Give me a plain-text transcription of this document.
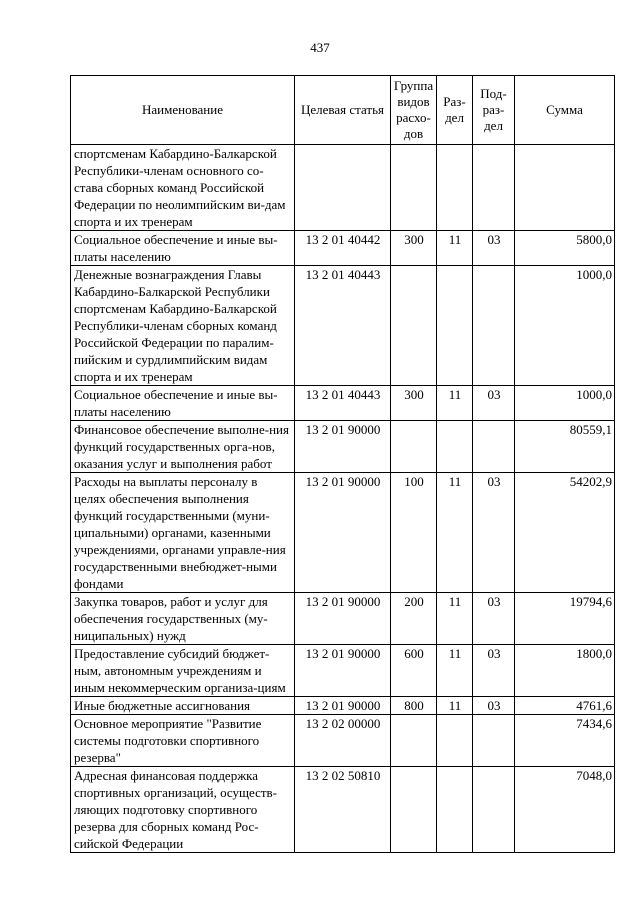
437
Наименование	Целевая статья	Группа видов расхо-дов	Раз-дел	Под-раз-дел	Сумма
спортсменам Кабардино-Балкарской Республики-членам основного со-става сборных команд Российской Федерации по неолимпийским ви-дам спорта и их тренерам					
Социальное обеспечение и иные вы-платы населению	13 2 01 40442	300	11	03	5800,0
Денежные вознаграждения Главы Кабардино-Балкарской Республики спортсменам Кабардино-Балкарской Республики-членам сборных команд Российской Федерации по паралим-пийским и сурдлимпийским видам спорта и их тренерам	13 2 01 40443				1000,0
Социальное обеспечение и иные вы-платы населению	13 2 01 40443	300	11	03	1000,0
Финансовое обеспечение выполне-ния функций государственных орга-нов, оказания услуг и выполнения работ	13 2 01 90000				80559,1
Расходы на выплаты персоналу в целях обеспечения выполнения функций государственными (муни-ципальными) органами, казенными учреждениями, органами управле-ния государственными внебюджет-ными фондами	13 2 01 90000	100	11	03	54202,9
Закупка товаров, работ и услуг для обеспечения государственных (му-ниципальных) нужд	13 2 01 90000	200	11	03	19794,6
Предоставление субсидий бюджет-ным, автономным учреждениям и иным некоммерческим организа-циям	13 2 01 90000	600	11	03	1800,0
Иные бюджетные ассигнования	13 2 01 90000	800	11	03	4761,6
Основное мероприятие "Развитие системы подготовки спортивного резерва"	13 2 02 00000				7434,6
Адресная финансовая поддержка спортивных организаций, осуществ-ляющих подготовку спортивного резерва для сборных команд Рос-сийской Федерации	13 2 02 50810				7048,0
